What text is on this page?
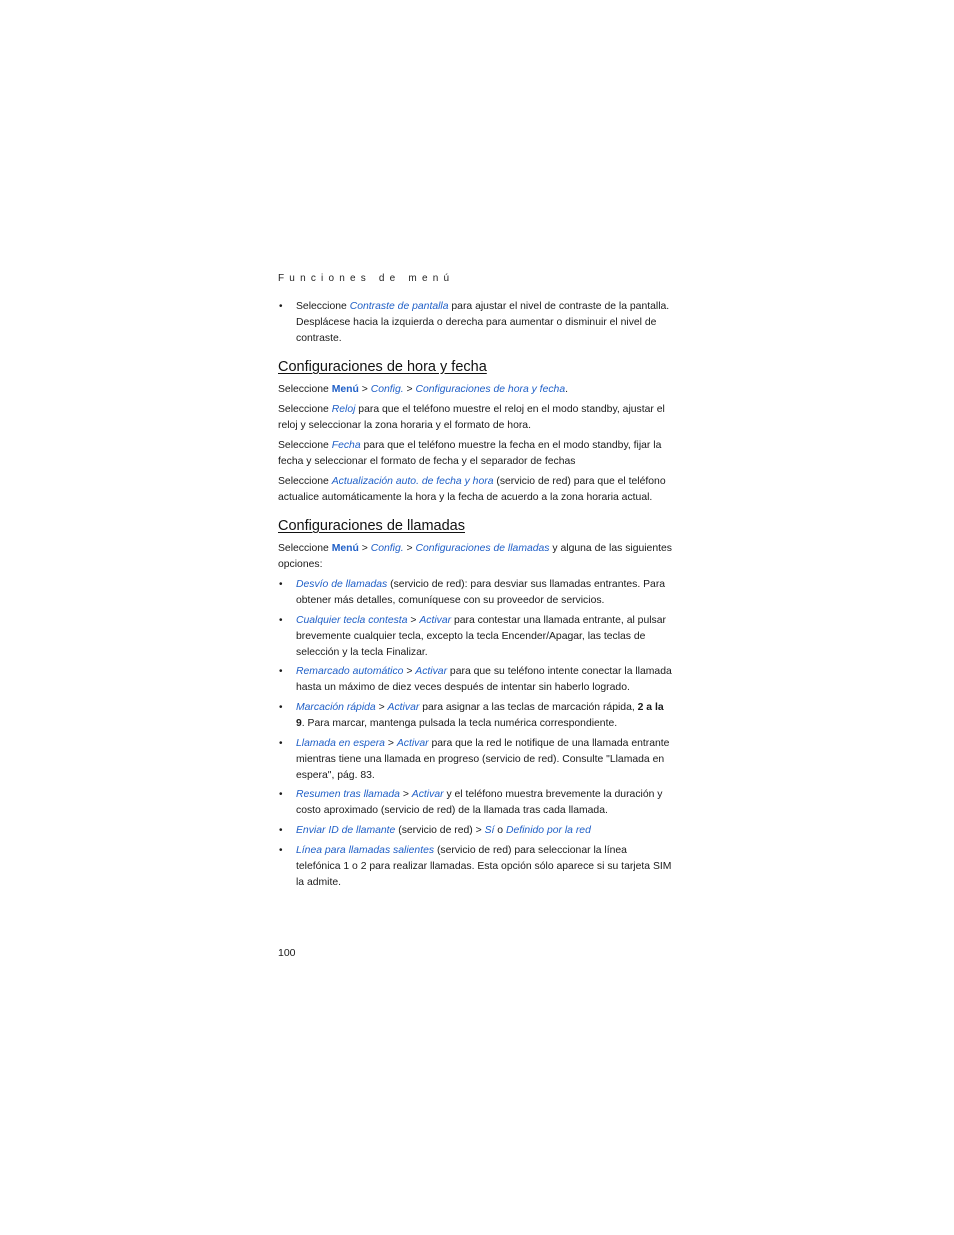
Funciones de menú
• Seleccione Contraste de pantalla para ajustar el nivel de contraste de la pantalla. Desplácese hacia la izquierda o derecha para aumentar o disminuir el nivel de contraste.

Configuraciones de hora y fecha

Seleccione Menú > Config. > Configuraciones de hora y fecha.

Seleccione Reloj para que el teléfono muestre el reloj en el modo standby, ajustar el reloj y seleccionar la zona horaria y el formato de hora.

Seleccione Fecha para que el teléfono muestre la fecha en el modo standby, fijar la fecha y seleccionar el formato de fecha y el separador de fechas

Seleccione Actualización auto. de fecha y hora (servicio de red) para que el teléfono actualice automáticamente la hora y la fecha de acuerdo a la zona horaria actual.

Configuraciones de llamadas

Seleccione Menú > Config. > Configuraciones de llamadas y alguna de las siguientes opciones:

• Desvío de llamadas (servicio de red): para desviar sus llamadas entrantes. Para obtener más detalles, comuníquese con su proveedor de servicios.

• Cualquier tecla contesta > Activar para contestar una llamada entrante, al pulsar brevemente cualquier tecla, excepto la tecla Encender/Apagar, las teclas de selección y la tecla Finalizar.

• Remarcado automático > Activar para que su teléfono intente conectar la llamada hasta un máximo de diez veces después de intentar sin haberlo logrado.

• Marcación rápida > Activar para asignar a las teclas de marcación rápida, 2 a la 9. Para marcar, mantenga pulsada la tecla numérica correspondiente.

• Llamada en espera > Activar para que la red le notifique de una llamada entrante mientras tiene una llamada en progreso (servicio de red). Consulte "Llamada en espera", pág. 83.

• Resumen tras llamada > Activar y el teléfono muestra brevemente la duración y costo aproximado (servicio de red) de la llamada tras cada llamada.

• Enviar ID de llamante (servicio de red) > Sí o Definido por la red

• Línea para llamadas salientes (servicio de red) para seleccionar la línea telefónica 1 o 2 para realizar llamadas. Esta opción sólo aparece si su tarjeta SIM la admite.

100
